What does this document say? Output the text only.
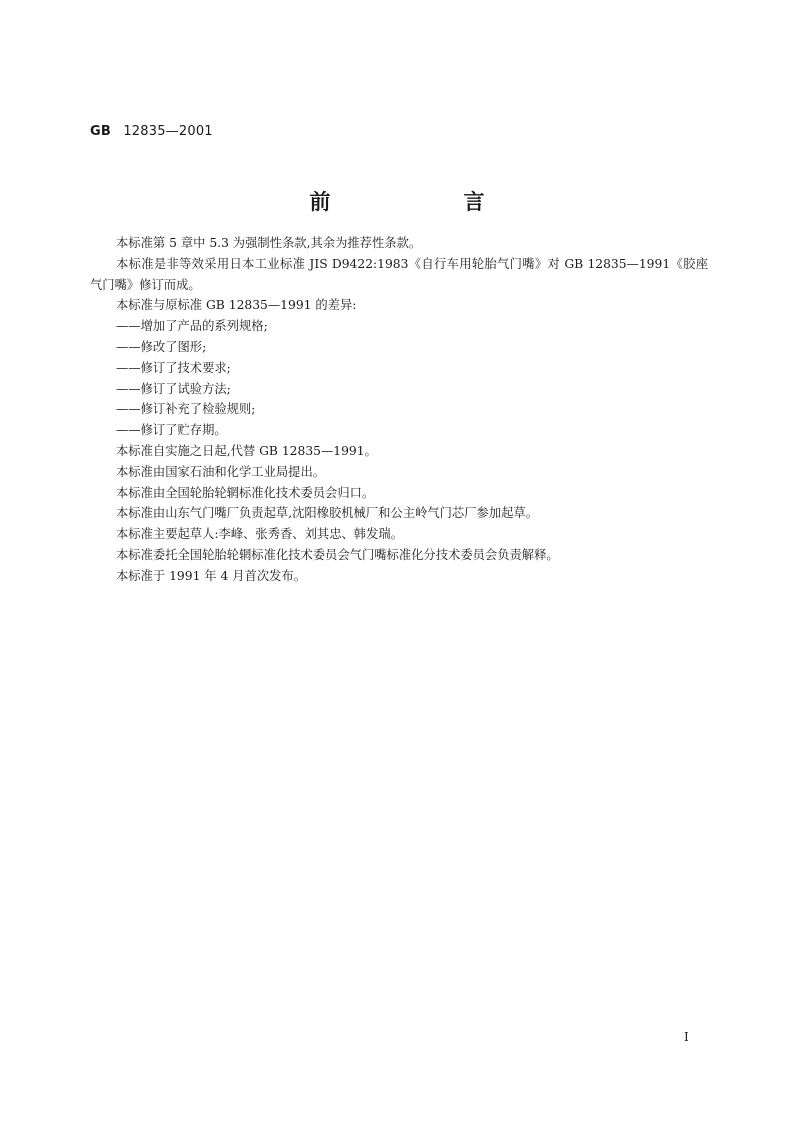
GB 12835—2001
前　言

本标准第 5 章中 5.3 为强制性条款,其余为推荐性条款。

本标准是非等效采用日本工业标准 JIS D9422:1983《自行车用轮胎气门嘴》对 GB 12835—1991《胶座气门嘴》修订而成。

本标准与原标准 GB 12835—1991 的差异:

——增加了产品的系列规格;

——修改了图形;

——修订了技术要求;

——修订了试验方法;

——修订补充了检验规则;

——修订了贮存期。

本标准自实施之日起,代替 GB 12835—1991。

本标准由国家石油和化学工业局提出。

本标准由全国轮胎轮辋标准化技术委员会归口。

本标准由山东气门嘴厂负责起草,沈阳橡胶机械厂和公主岭气门芯厂参加起草。

本标准主要起草人:李峰、张秀香、刘其忠、韩发瑞。

本标准委托全国轮胎轮辋标准化技术委员会气门嘴标准化分技术委员会负责解释。

本标准于 1991 年 4 月首次发布。

I
